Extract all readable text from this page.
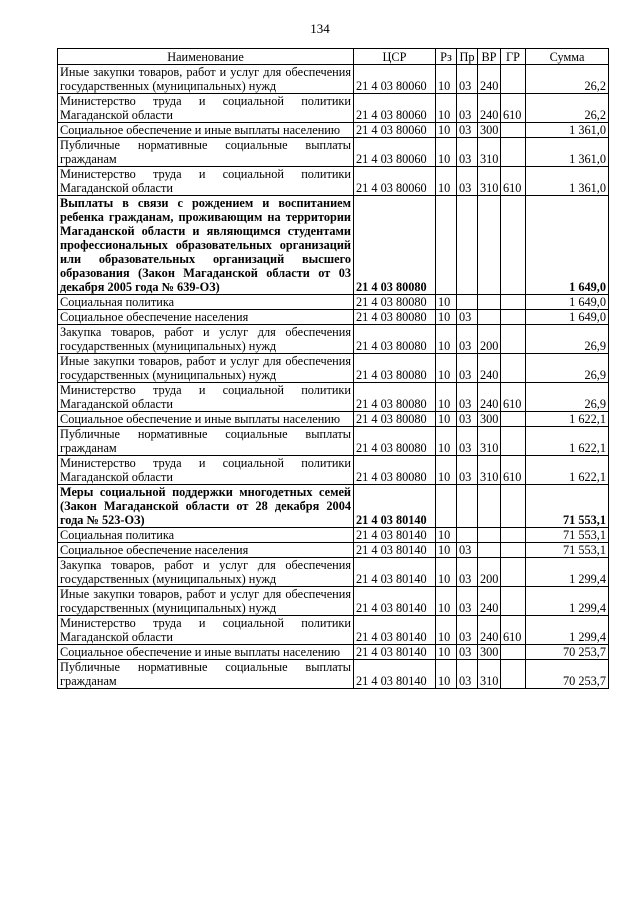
134
Наименование	ЦСР	Рз	Пр	ВР	ГР	Сумма
Иные закупки товаров, работ и услуг для обеспечения государственных (муниципальных) нужд	21 4 03 80060	10	03	240		26,2
Министерство труда и социальной политики Магаданской области	21 4 03 80060	10	03	240	610	26,2
Социальное обеспечение и иные выплаты населению	21 4 03 80060	10	03	300		1 361,0
Публичные нормативные социальные выплаты гражданам	21 4 03 80060	10	03	310		1 361,0
Министерство труда и социальной политики Магаданской области	21 4 03 80060	10	03	310	610	1 361,0
Выплаты в связи с рождением и воспитанием ребенка гражданам, проживающим на территории Магаданской области и являющимся студентами профессиональных образовательных организаций или образовательных организаций высшего образования (Закон Магаданской области от 03 декабря 2005 года № 639-ОЗ)	21 4 03 80080					1 649,0
Социальная политика	21 4 03 80080	10				1 649,0
Социальное обеспечение населения	21 4 03 80080	10	03			1 649,0
Закупка товаров, работ и услуг для обеспечения государственных (муниципальных) нужд	21 4 03 80080	10	03	200		26,9
Иные закупки товаров, работ и услуг для обеспечения государственных (муниципальных) нужд	21 4 03 80080	10	03	240		26,9
Министерство труда и социальной политики Магаданской области	21 4 03 80080	10	03	240	610	26,9
Социальное обеспечение и иные выплаты населению	21 4 03 80080	10	03	300		1 622,1
Публичные нормативные социальные выплаты гражданам	21 4 03 80080	10	03	310		1 622,1
Министерство труда и социальной политики Магаданской области	21 4 03 80080	10	03	310	610	1 622,1
Меры социальной поддержки многодетных семей (Закон Магаданской области от 28 декабря 2004 года № 523-ОЗ)	21 4 03 80140					71 553,1
Социальная политика	21 4 03 80140	10				71 553,1
Социальное обеспечение населения	21 4 03 80140	10	03			71 553,1
Закупка товаров, работ и услуг для обеспечения государственных (муниципальных) нужд	21 4 03 80140	10	03	200		1 299,4
Иные закупки товаров, работ и услуг для обеспечения государственных (муниципальных) нужд	21 4 03 80140	10	03	240		1 299,4
Министерство труда и социальной политики Магаданской области	21 4 03 80140	10	03	240	610	1 299,4
Социальное обеспечение и иные выплаты населению	21 4 03 80140	10	03	300		70 253,7
Публичные нормативные социальные выплаты гражданам	21 4 03 80140	10	03	310		70 253,7
